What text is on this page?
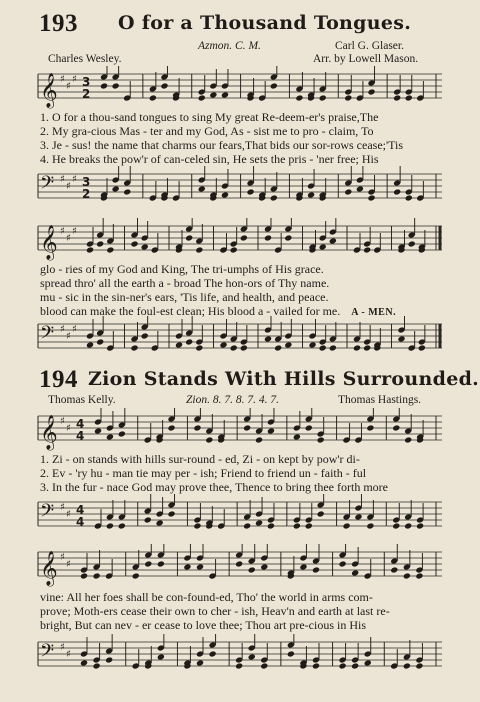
193 O for a Thousand Tongues.
Azmon. C. M.	Carl G. Glaser.
Charles Wesley.	Arr. by Lowell Mason.
𝄞 ♯
♯
♯ 3
2
1. O for a thou-sand tongues to sing My great Re-deem-er's praise,The
2. My gra-cious Mas - ter and my God, As - sist me to pro - claim, To
3. Je - sus! the name that charms our fears,That bids our sor-rows cease;'Tis
4. He breaks the pow'r of can-celed sin, He sets the pris - 'ner free; His
𝄢 ♯
♯
♯ 3
2
𝄞 ♯
♯
♯
glo - ries of my God and King, The tri-umphs of His grace.
spread thro' all the earth a - broad The hon-ors of Thy name.
mu - sic in the sin-ner's ears, 'Tis life, and health, and peace.
blood can make the foul-est clean; His blood a - vailed for me. A - MEN.
𝄢 ♯
♯
♯
194 Zion Stands With Hills Surrounded.
Thomas Kelly.	Zion. 8. 7. 8. 7. 4. 7.	Thomas Hastings.
𝄞 ♯
♯ 4
4
1. Zi - on stands with hills sur-round - ed, Zi - on kept by pow'r di-
2. Ev - 'ry hu - man tie may per - ish; Friend to friend un - faith - ful
3. In the fur - nace God may prove thee, Thence to bring thee forth more
𝄢 ♯
♯ 4
4
𝄞 ♯
♯
vine: All her foes shall be con-found-ed, Tho' the world in arms com-
prove; Moth-ers cease their own to cher - ish, Heav'n and earth at last re-
bright, But can nev - er cease to love thee; Thou art pre-cious in His
𝄢 ♯
♯
